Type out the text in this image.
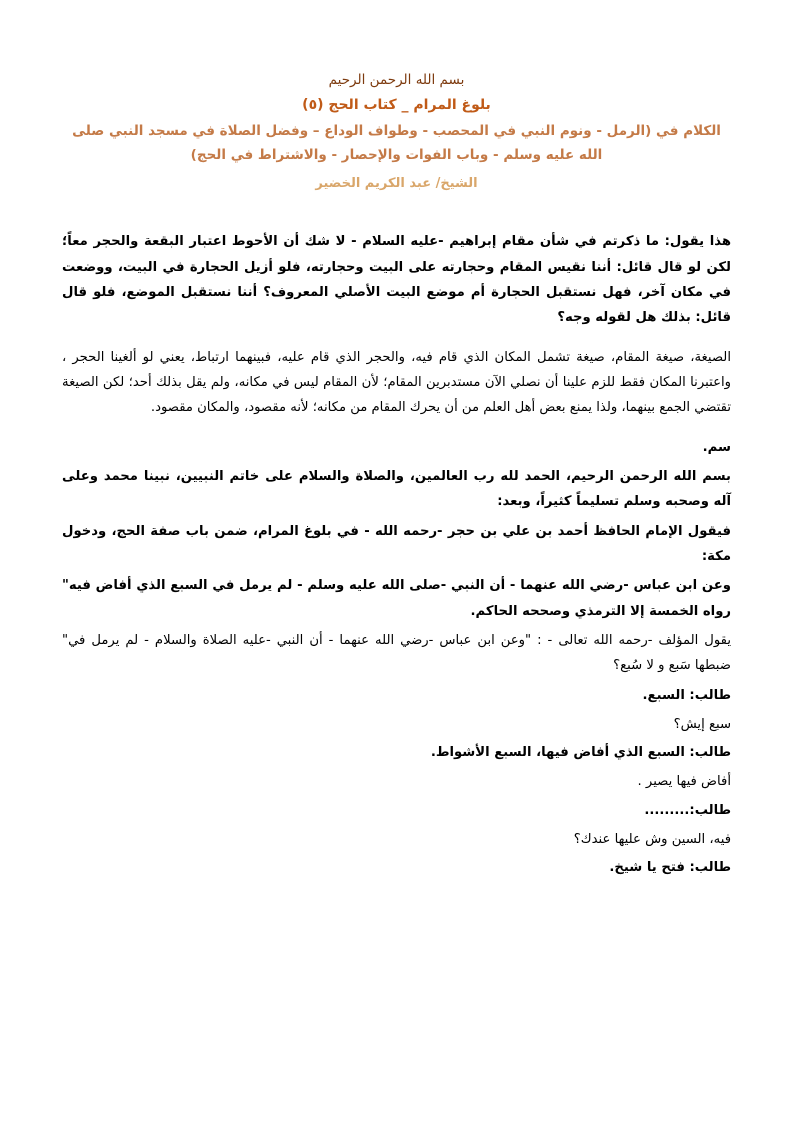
بسم الله الرحمن الرحيم

بلوغ المرام _ كتاب الحج (٥)

الكلام في (الرمل - ونوم النبي في المحصب - وطواف الوداع – وفضل الصلاة في مسجد النبي صلى الله عليه وسلم - وباب الفوات والإحصار - والاشتراط في الحج)

الشيخ/ عبد الكريم الخضير

هذا يقول: ما ذكرتم في شأن مقام إبراهيم -عليه السلام - لا شك أن الأحوط اعتبار البقعة والحجر معاً؛ لكن لو قال قائل: أننا نقيس المقام وحجارته على البيت وحجارته، فلو أزيل الحجارة في البيت، ووضعت في مكان آخر، فهل نستقبل الحجارة أم موضع البيت الأصلي المعروف؟ أننا نستقبل الموضع، فلو قال قائل: بذلك هل لقوله وجه؟

الصيغة، صيغة المقام، صيغة تشمل المكان الذي قام فيه، والحجر الذي قام عليه، فبينهما ارتباط، يعني لو ألغينا الحجر ، واعتبرنا المكان فقط للزم علينا أن نصلي الآن مستدبرين المقام؛ لأن المقام ليس في مكانه، ولم يقل بذلك أحد؛ لكن الصيغة تقتضي الجمع بينهما، ولذا يمنع بعض أهل العلم من أن يحرك المقام من مكانه؛ لأنه مقصود، والمكان مقصود.

سم.

بسم الله الرحمن الرحيم، الحمد لله رب العالمين، والصلاة والسلام على خاتم النبيين، نبينا محمد وعلى آله وصحبه وسلم تسليماً كثيراً، وبعد:

فيقول الإمام الحافظ أحمد بن علي بن حجر -رحمه الله - في بلوغ المرام، ضمن باب صفة الحج، ودخول مكة:

وعن ابن عباس -رضي الله عنهما - أن النبي -صلى الله عليه وسلم - لم يرمل في السبع الذي أفاض فيه" رواه الخمسة إلا الترمذي وصححه الحاكم.

يقول المؤلف -رحمه الله تعالى - : "وعن ابن عباس -رضي الله عنهما - أن النبي -عليه الصلاة والسلام - لم يرمل في" ضبطها سَبع و لا سُبع؟

طالب: السبع.

سبع إيش؟

طالب: السبع الذي أفاض فيها، السبع الأشواط.

أفاض فيها يصير .

طالب:.........

فيه، السين وش عليها عندك؟

طالب: فتح يا شيخ.
